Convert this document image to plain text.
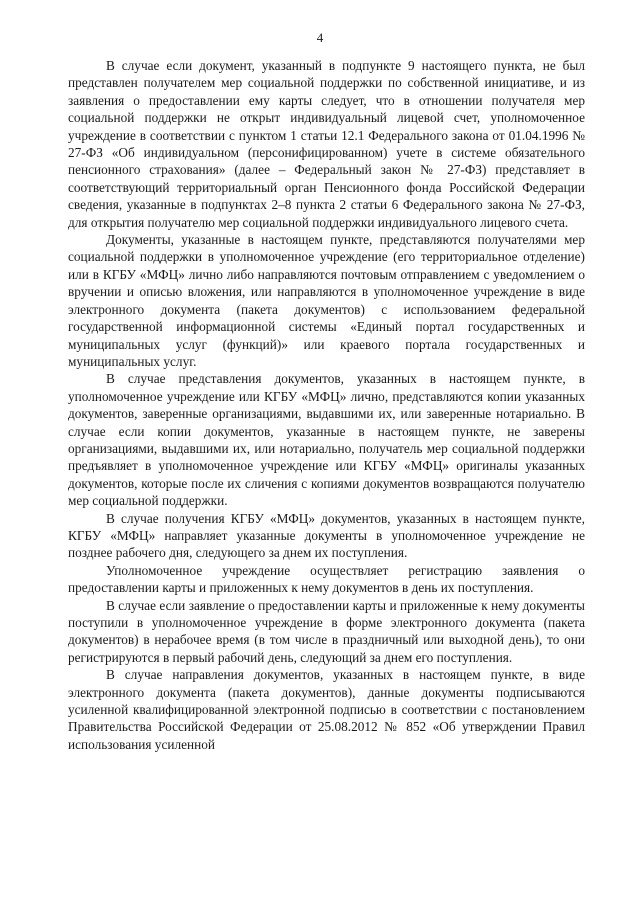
4

В случае если документ, указанный в подпункте 9 настоящего пункта, не был представлен получателем мер социальной поддержки по собственной инициативе, и из заявления о предоставлении ему карты следует, что в отношении получателя мер социальной поддержки не открыт индивидуальный лицевой счет, уполномоченное учреждение в соответствии с пунктом 1 статьи 12.1 Федерального закона от 01.04.1996 № 27-ФЗ «Об индивидуальном (персонифицированном) учете в системе обязательного пенсионного страхования» (далее – Федеральный закон № 27-ФЗ) представляет в соответствующий территориальный орган Пенсионного фонда Российской Федерации сведения, указанные в подпунктах 2–8 пункта 2 статьи 6 Федерального закона № 27-ФЗ, для открытия получателю мер социальной поддержки индивидуального лицевого счета.

Документы, указанные в настоящем пункте, представляются получателями мер социальной поддержки в уполномоченное учреждение (его территориальное отделение) или в КГБУ «МФЦ» лично либо направляются почтовым отправлением с уведомлением о вручении и описью вложения, или направляются в уполномоченное учреждение в виде электронного документа (пакета документов) с использованием федеральной государственной информационной системы «Единый портал государственных и муниципальных услуг (функций)» или краевого портала государственных и муниципальных услуг.

В случае представления документов, указанных в настоящем пункте, в уполномоченное учреждение или КГБУ «МФЦ» лично, представляются копии указанных документов, заверенные организациями, выдавшими их, или заверенные нотариально. В случае если копии документов, указанные в настоящем пункте, не заверены организациями, выдавшими их, или нотариально, получатель мер социальной поддержки предъявляет в уполномоченное учреждение или КГБУ «МФЦ» оригиналы указанных документов, которые после их сличения с копиями документов возвращаются получателю мер социальной поддержки.

В случае получения КГБУ «МФЦ» документов, указанных в настоящем пункте, КГБУ «МФЦ» направляет указанные документы в уполномоченное учреждение не позднее рабочего дня, следующего за днем их поступления.

Уполномоченное учреждение осуществляет регистрацию заявления о предоставлении карты и приложенных к нему документов в день их поступления.

В случае если заявление о предоставлении карты и приложенные к нему документы поступили в уполномоченное учреждение в форме электронного документа (пакета документов) в нерабочее время (в том числе в праздничный или выходной день), то они регистрируются в первый рабочий день, следующий за днем его поступления.

В случае направления документов, указанных в настоящем пункте, в виде электронного документа (пакета документов), данные документы подписываются усиленной квалифицированной электронной подписью в соответствии с постановлением Правительства Российской Федерации от 25.08.2012 № 852 «Об утверждении Правил использования усиленной
